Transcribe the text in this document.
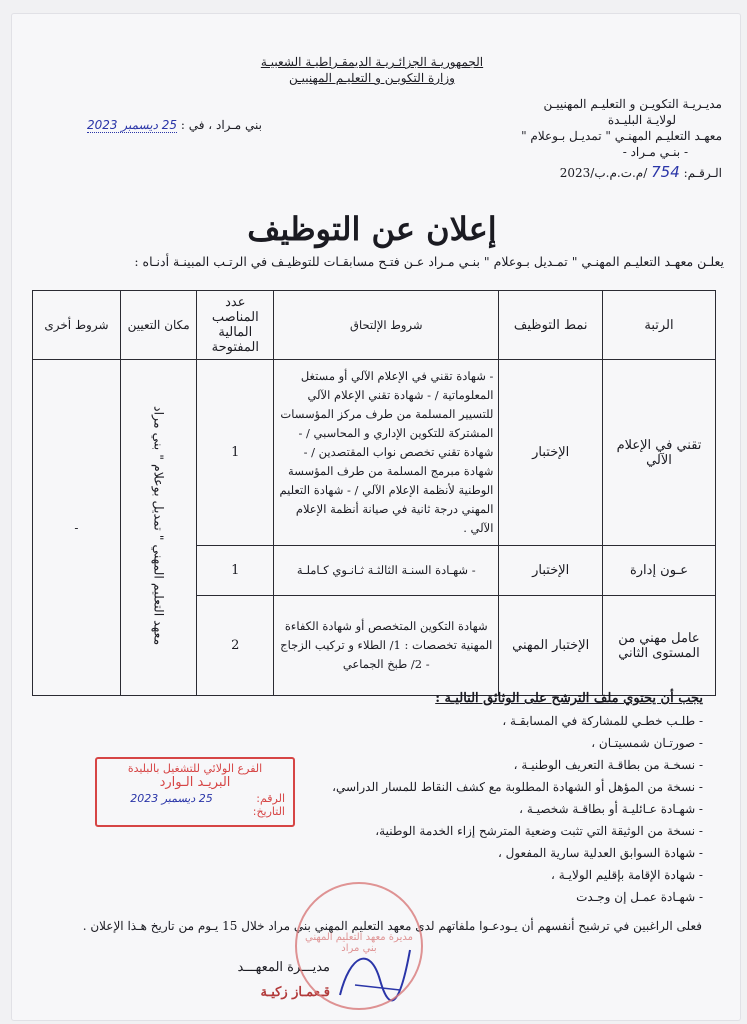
الجمهوريـة الجزائـريـة الديمقـراطيـة الشعبيـة
وزارة التكويـن و التعليـم المهنييـن
مديـريـة التكويـن و التعليـم المهنييـن
لولايـة البليـدة
معهـد التعليـم المهنـي " تمديـل بـوعلام "
- بنـي مـراد -
الـرقـم: 754 /م.ت.م.ب/2023
بني مـراد ، في : 25 ديسمبر 2023
إعلان عن التوظيف
يعلـن معهـد التعليـم المهنـي " تمـديل بـوعلام " بنـي مـراد عـن فتـح مسابقـات للتوظيـف في الرتـب المبينـة أدنـاه :
الرتبة	نمط التوظيف	شروط الإلتحاق	عدد المناصب المالية المفتوحة	مكان التعيين	شروط أخرى
تقني في الإعلام الآلي	الإختبار	- شهادة تقني في الإعلام الآلي أو مستغل المعلوماتية / - شهادة تقني الإعلام الآلي للتسيير المسلمة من طرف مركز المؤسسات المشتركة للتكوين الإداري و المحاسبي / - شهادة تقني تخصص نواب المقتصدين / - شهادة مبرمج المسلمة من طرف المؤسسة الوطنية لأنظمة الإعلام الآلي / - شهادة التعليم المهني درجة ثانية في صيانة أنظمة الإعلام الآلي .	1	معهد التعليم المهني " تمديل بوعلام " بني مراد	-
عـون إدارة	الإختبار	- شهـادة السنـة الثالثـة ثـانـوي كـاملـة	1		
عامل مهني من المستوى الثاني	الإختبار المهني	شهادة التكوين المتخصص أو شهادة الكفاءة المهنية تخصصات : 1/ الطلاء و تركيب الزجاج - 2/ طبخ الجماعي	2		
يجب أن يحتوي ملف الترشح على الوثائق التاليـة :
- طلـب خطـي للمشاركة في المسابقـة ،
- صورتـان شمسيتـان ،
- نسخـة من بطاقـة التعريف الوطنيـة ،
- نسخة من المؤهل أو الشهادة المطلوبة مع كشف النقاط للمسار الدراسي،
- شهـادة عـائليـة أو بطاقـة شخصيـة ،
- نسخة من الوثيقة التي تثبت وضعية المترشح إزاء الخدمة الوطنية،
- شهادة السوابق العدلية سارية المفعول ،
- شهادة الإقامة بإقليم الولايـة ،
- شهـادة عمـل إن وجـدت
فعلى الراغبين في ترشيح أنفسهم أن يـودعـوا ملفاتهم لدى معهد التعليم المهني بني مراد خلال 15 يـوم من تاريخ هـذا الإعلان .
مديـــرة المعهـــد
قـعمـاز زكيـة
الفرع الولائي للتشغيل بالبليدة
البريـد الـوارد
الرقم: 25 ديسمبر 2023
التاريخ:
مديرة معهد التعليم المهني بني مراد
